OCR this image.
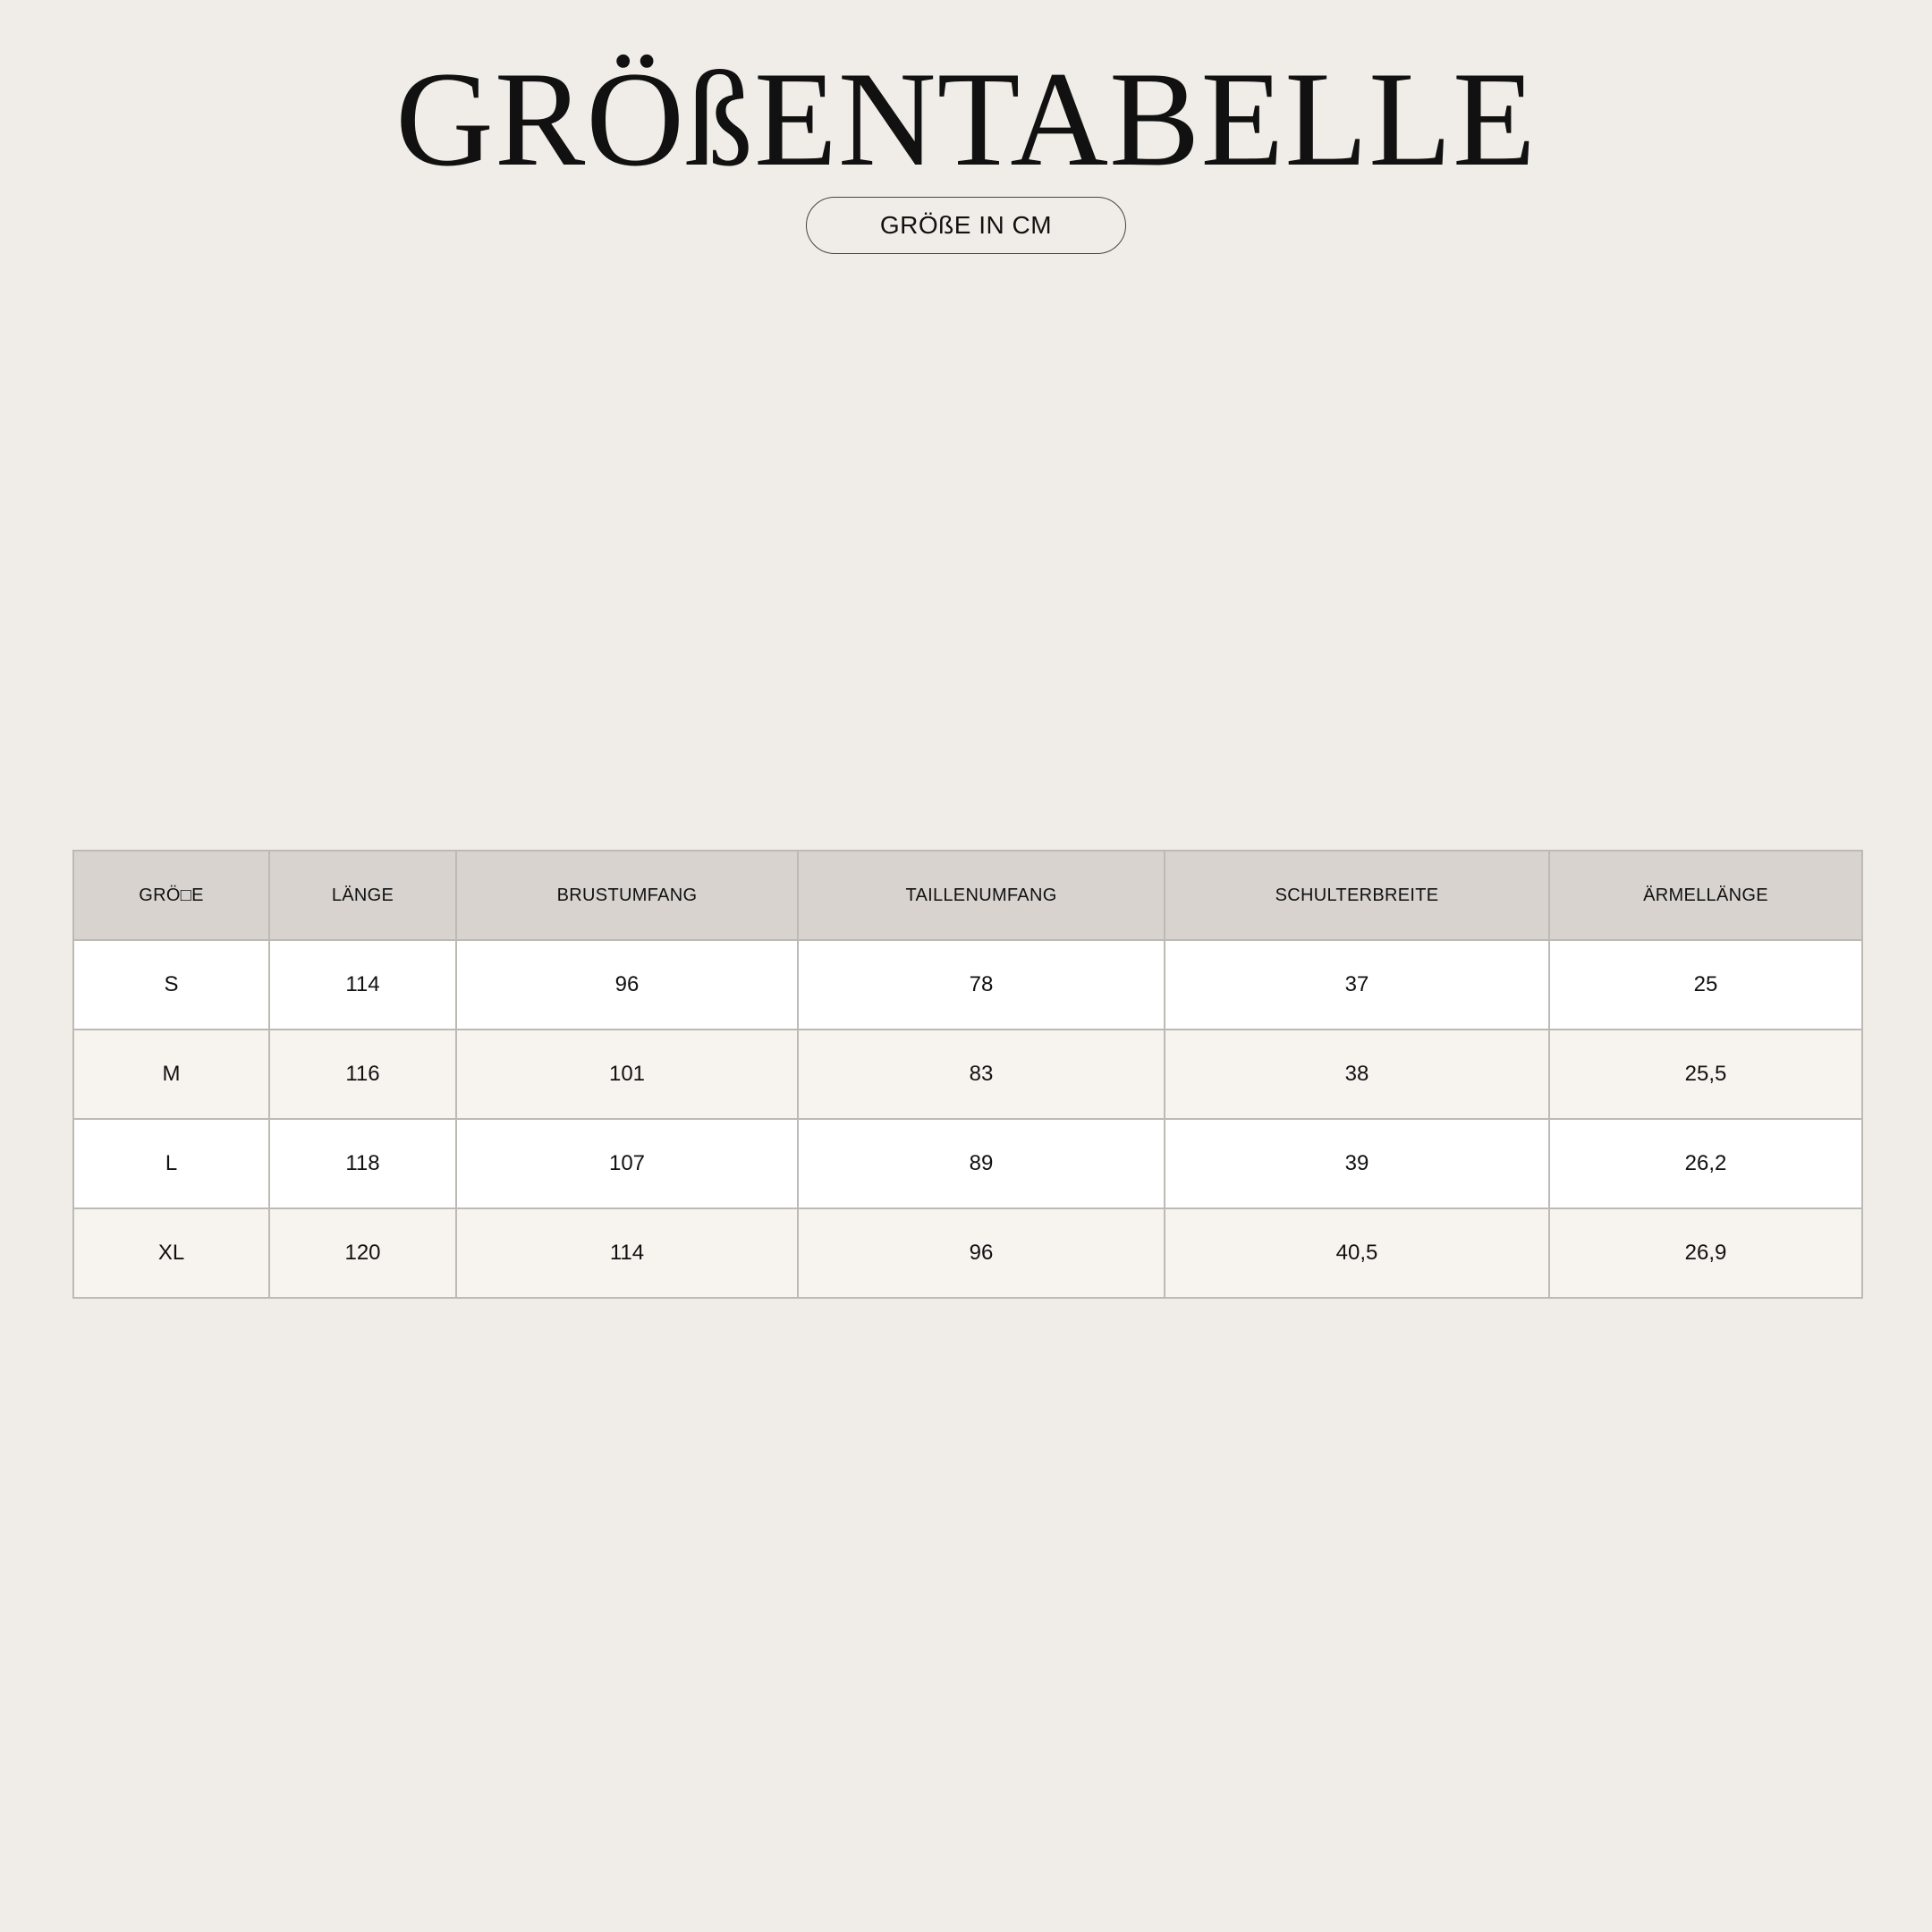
GRÖßENTABELLE
GRÖßE IN CM
GRÖ□E	LÄNGE	BRUSTUMFANG	TAILLENUMFANG	SCHULTERBREITE	ÄRMELLÄNGE
S	114	96	78	37	25
M	116	101	83	38	25,5
L	118	107	89	39	26,2
XL	120	114	96	40,5	26,9
